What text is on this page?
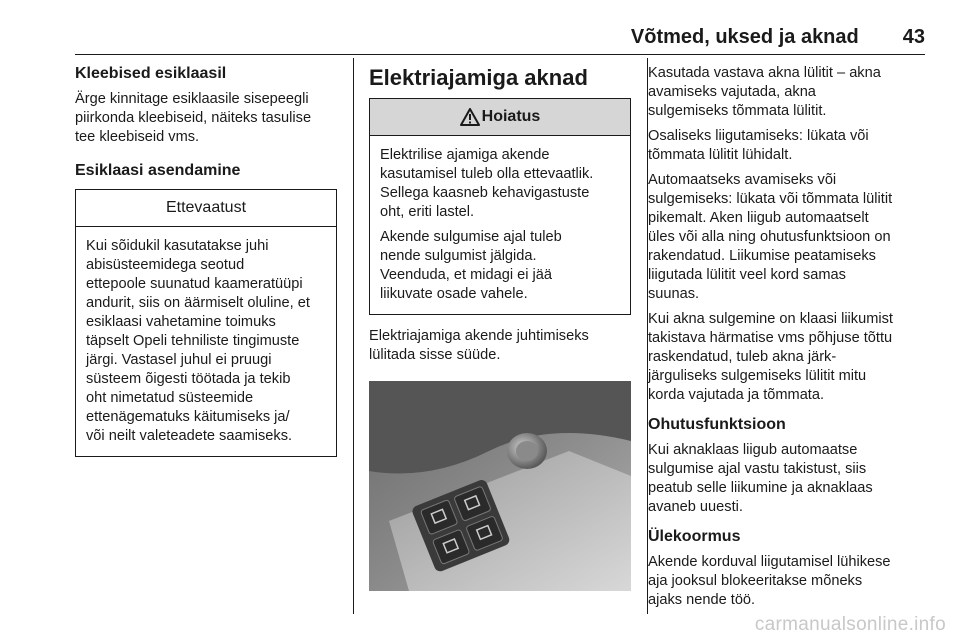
Võtmed, uksed ja aknad 43

Kleebised esiklaasil

Ärge kinnitage esiklaasile sisepeegli
piirkonda kleebiseid, näiteks tasulise
tee kleebiseid vms.

Esiklaasi asendamine

Ettevaatust

Kui sõidukil kasutatakse juhi
abisüsteemidega seotud
ettepoole suunatud kaameratüüpi
andurit, siis on äärmiselt oluline, et
esiklaasi vahetamine toimuks
täpselt Opeli tehniliste tingimuste
järgi. Vastasel juhul ei pruugi
süsteem õigesti töötada ja tekib
oht nimetatud süsteemide
ettenägematuks käitumiseks ja/
või neilt valeteadete saamiseks.

Elektriajamiga aknad

Hoiatus

Elektrilise ajamiga akende
kasutamisel tuleb olla ettevaatlik.
Sellega kaasneb kehavigastuste
oht, eriti lastel.

Akende sulgumise ajal tuleb
nende sulgumist jälgida.
Veenduda, et midagi ei jää
liikuvate osade vahele.

Elektriajamiga akende juhtimiseks
lülitada sisse süüde.

Kasutada vastava akna lülitit – akna
avamiseks vajutada, akna
sulgemiseks tõmmata lülitit.

Osaliseks liigutamiseks: lükata või
tõmmata lülitit lühidalt.

Automaatseks avamiseks või
sulgemiseks: lükata või tõmmata lülitit
pikemalt. Aken liigub automaatselt
üles või alla ning ohutusfunktsioon on
rakendatud. Liikumise peatamiseks
liigutada lülitit veel kord samas
suunas.

Kui akna sulgemine on klaasi liikumist
takistava härmatise vms põhjuse tõttu
raskendatud, tuleb akna järk-
järguliseks sulgemiseks lülitit mitu
korda vajutada ja tõmmata.

Ohutusfunktsioon

Kui aknaklaas liigub automaatse
sulgumise ajal vastu takistust, siis
peatub selle liikumine ja aknaklaas
avaneb uuesti.

Ülekoormus

Akende korduval liigutamisel lühikese
aja jooksul blokeeritakse mõneks
ajaks nende töö.

carmanualsonline.info
